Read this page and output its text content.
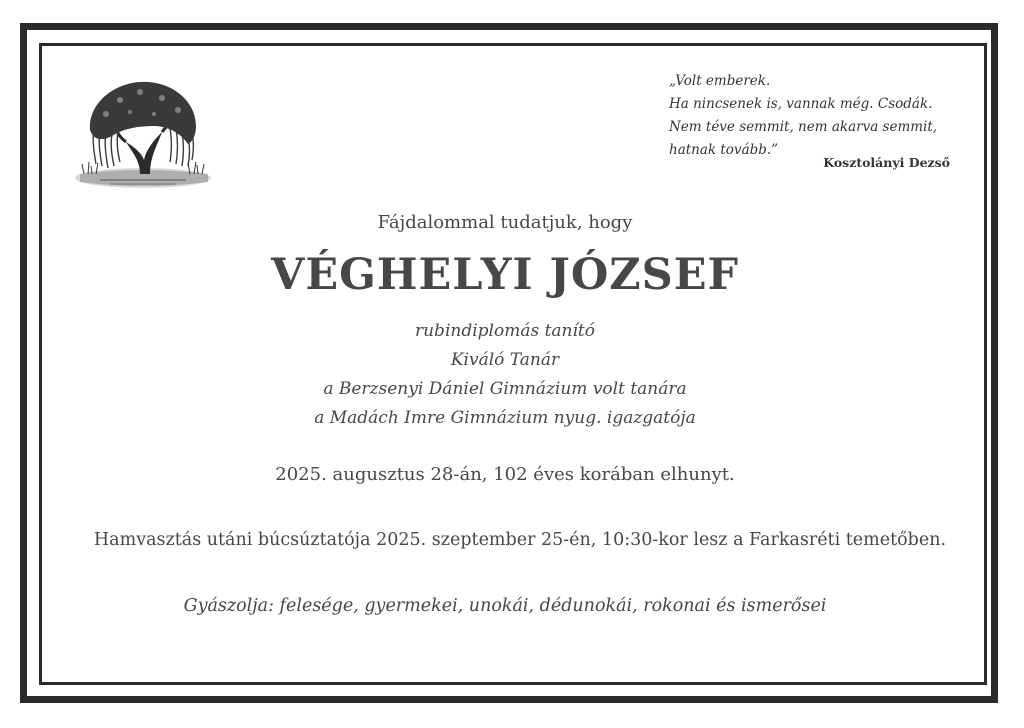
„Volt emberek.
Ha nincsenek is, vannak még. Csodák.
Nem téve semmit, nem akarva semmit,
hatnak tovább.”
Kosztolányi Dezső
Fájdalommal tudatjuk, hogy
VÉGHELYI JÓZSEF
rubindiplomás tanító
Kiváló Tanár
a Berzsenyi Dániel Gimnázium volt tanára
a Madách Imre Gimnázium nyug. igazgatója
2025. augusztus 28-án, 102 éves korában elhunyt.
Hamvasztás utáni búcsúztatója 2025. szeptember 25-én, 10:30-kor lesz a Farkasréti temetőben.
Gyászolja: felesége, gyermekei, unokái, dédunokái, rokonai és ismerősei
